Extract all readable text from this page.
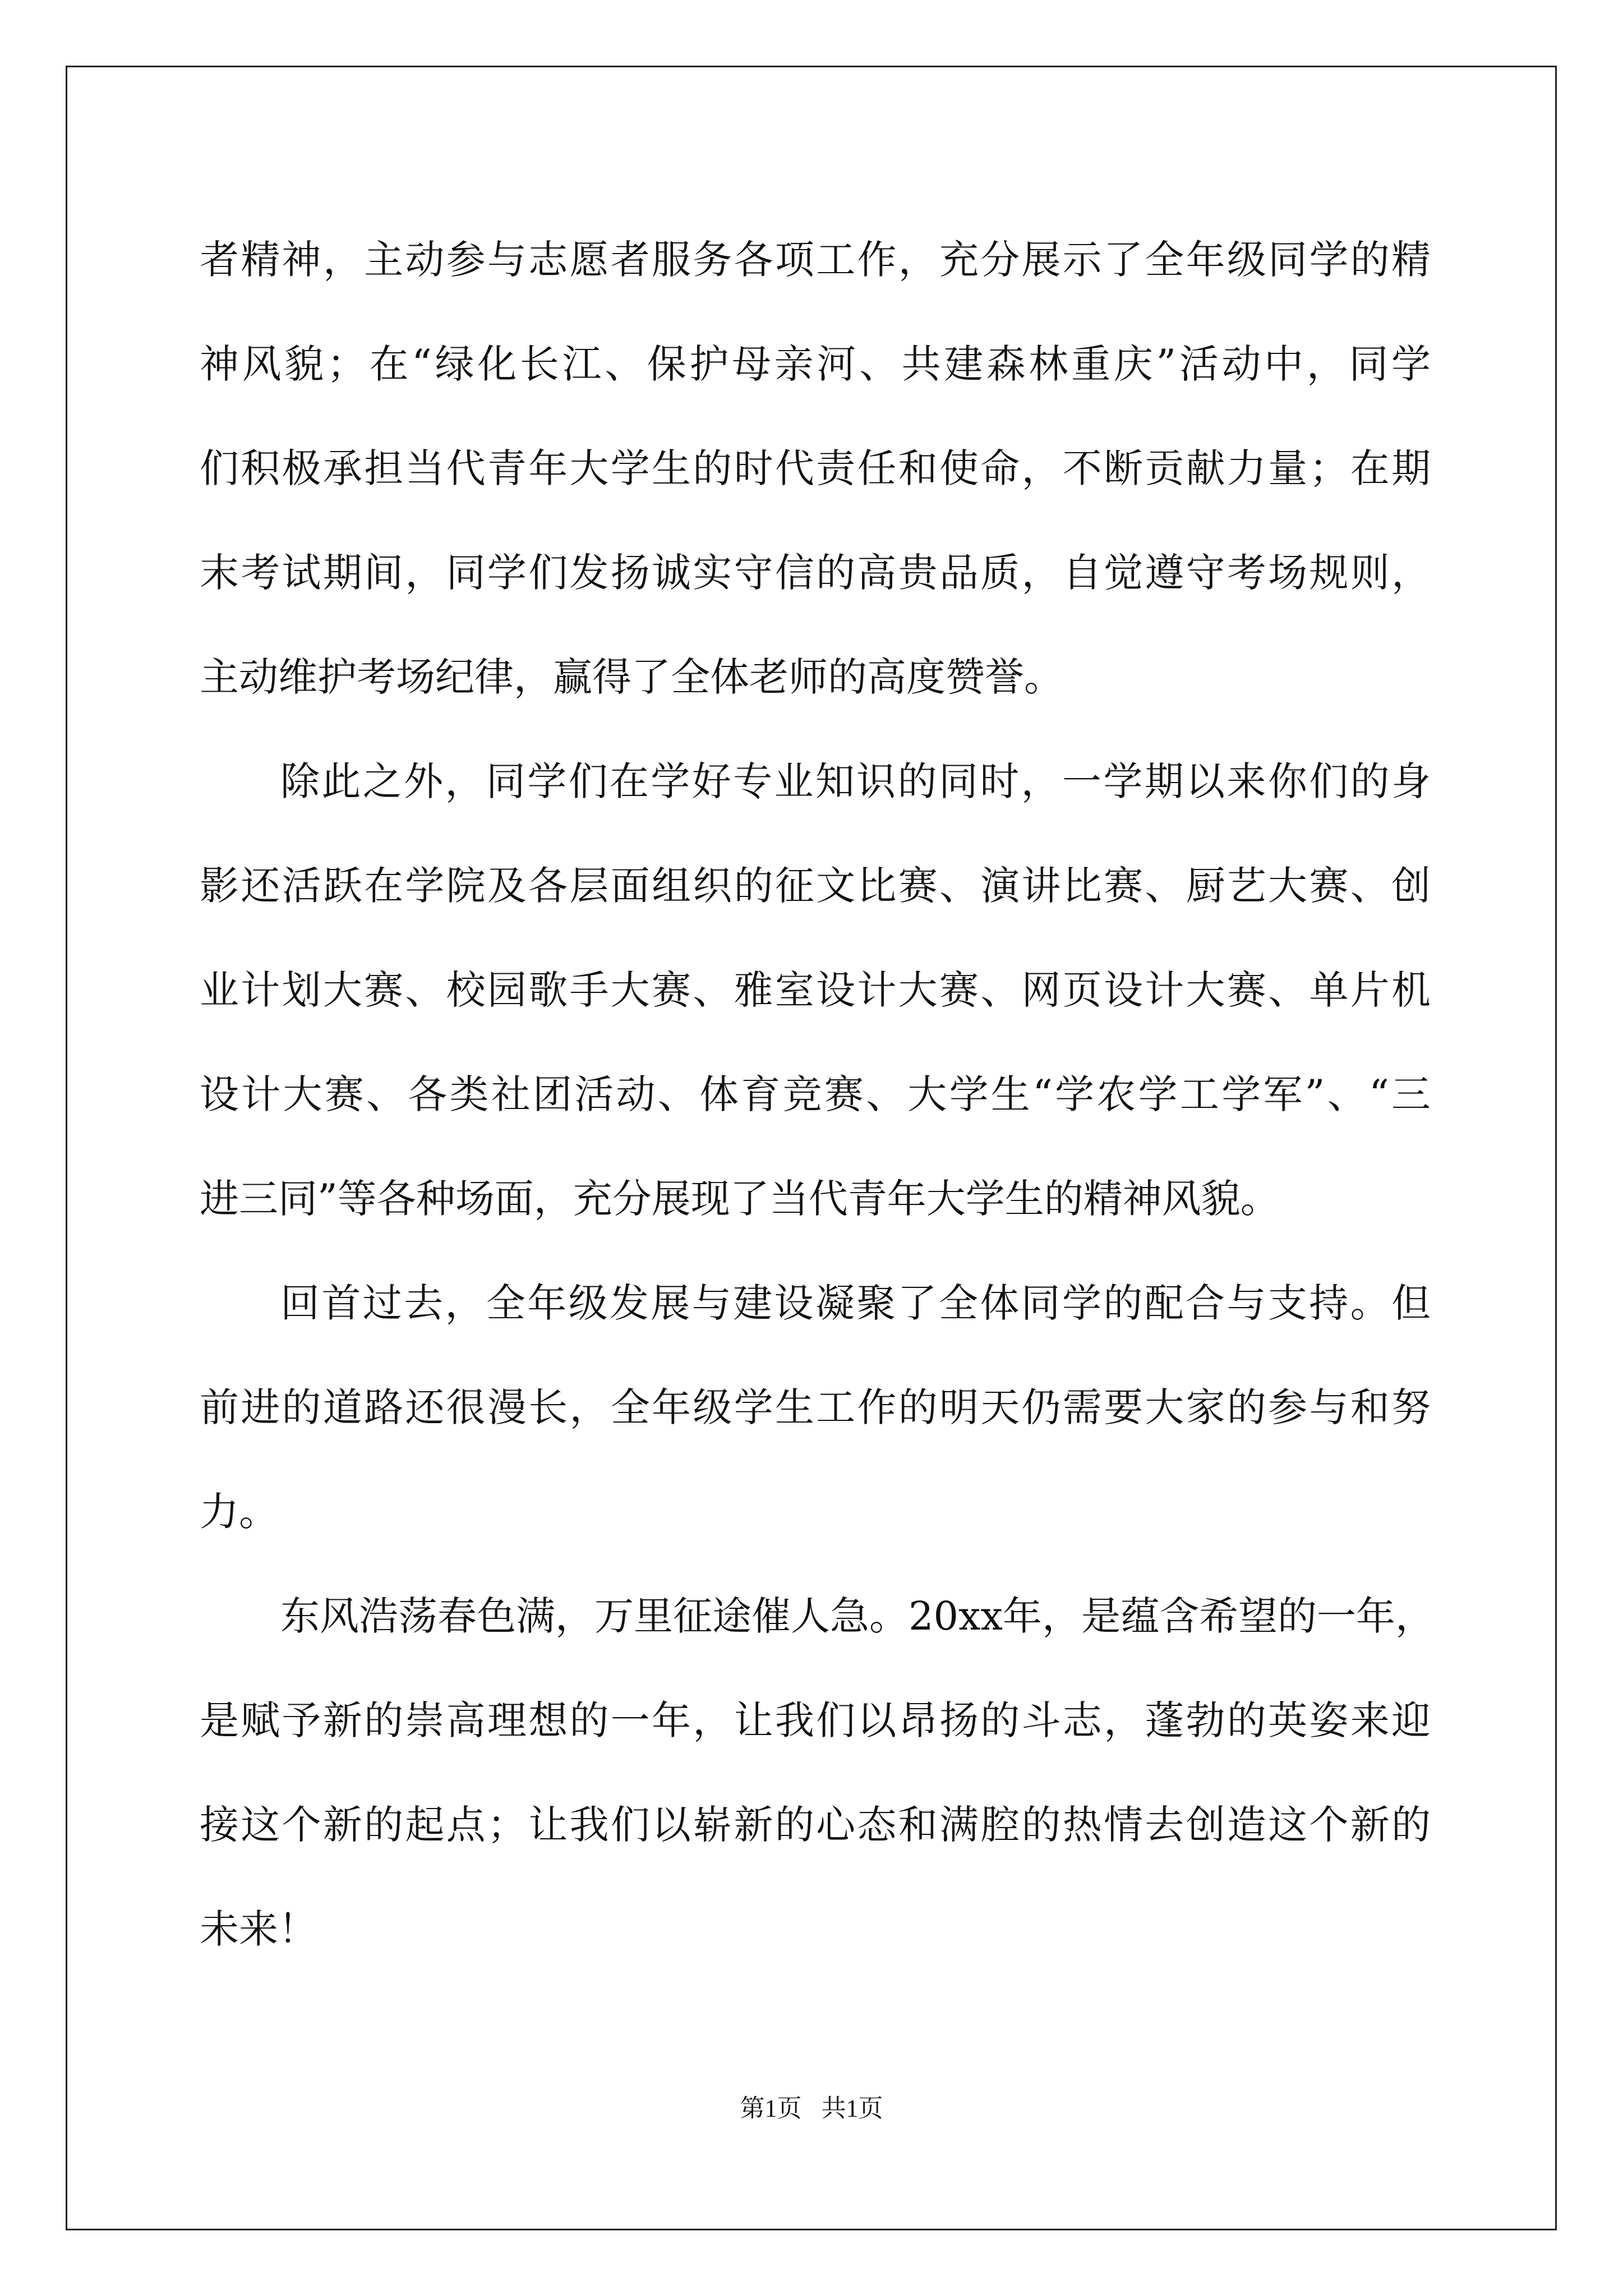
者精神，主动参与志愿者服务各项工作，充分展示了全年级同学的精
神风貌；在“绿化长江、保护母亲河、共建森林重庆”活动中，同学
们积极承担当代青年大学生的时代责任和使命，不断贡献力量；在期
末考试期间，同学们发扬诚实守信的高贵品质，自觉遵守考场规则，
主动维护考场纪律，赢得了全体老师的高度赞誉。
除此之外，同学们在学好专业知识的同时，一学期以来你们的身
影还活跃在学院及各层面组织的征文比赛、演讲比赛、厨艺大赛、创
业计划大赛、校园歌手大赛、雅室设计大赛、网页设计大赛、单片机
设计大赛、各类社团活动、体育竞赛、大学生“学农学工学军”、“三
进三同”等各种场面，充分展现了当代青年大学生的精神风貌。
回首过去，全年级发展与建设凝聚了全体同学的配合与支持。但
前进的道路还很漫长，全年级学生工作的明天仍需要大家的参与和努
力。
东风浩荡春色满，万里征途催人急。20xx年，是蕴含希望的一年，
是赋予新的崇高理想的一年，让我们以昂扬的斗志，蓬勃的英姿来迎
接这个新的起点；让我们以崭新的心态和满腔的热情去创造这个新的
未来！
第1页 共1页
